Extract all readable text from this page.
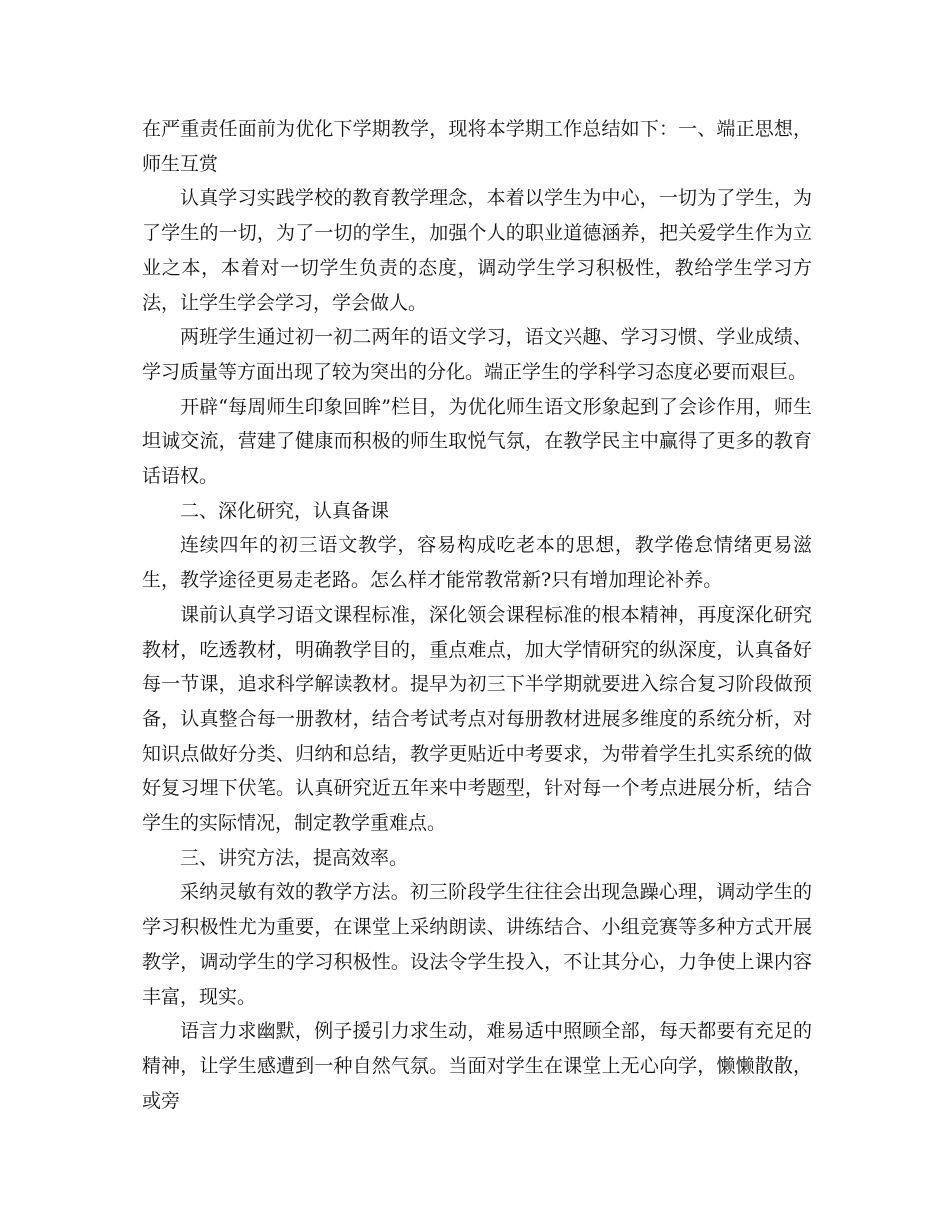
在严重责任面前为优化下学期教学，现将本学期工作总结如下：一、端正思想，师生互赏

认真学习实践学校的教育教学理念，本着以学生为中心，一切为了学生，为了学生的一切，为了一切的学生，加强个人的职业道德涵养，把关爱学生作为立业之本，本着对一切学生负责的态度，调动学生学习积极性，教给学生学习方法，让学生学会学习，学会做人。

两班学生通过初一初二两年的语文学习，语文兴趣、学习习惯、学业成绩、学习质量等方面出现了较为突出的分化。端正学生的学科学习态度必要而艰巨。

开辟“每周师生印象回眸”栏目，为优化师生语文形象起到了会诊作用，师生坦诚交流，营建了健康而积极的师生取悦气氛，在教学民主中赢得了更多的教育话语权。

二、深化研究，认真备课

连续四年的初三语文教学，容易构成吃老本的思想，教学倦怠情绪更易滋生，教学途径更易走老路。怎么样才能常教常新?只有增加理论补养。

课前认真学习语文课程标准，深化领会课程标准的根本精神，再度深化研究教材，吃透教材，明确教学目的，重点难点，加大学情研究的纵深度，认真备好每一节课，追求科学解读教材。提早为初三下半学期就要进入综合复习阶段做预备，认真整合每一册教材，结合考试考点对每册教材进展多维度的系统分析，对知识点做好分类、归纳和总结，教学更贴近中考要求，为带着学生扎实系统的做好复习埋下伏笔。认真研究近五年来中考题型，针对每一个考点进展分析，结合学生的实际情况，制定教学重难点。

三、讲究方法，提高效率。

采纳灵敏有效的教学方法。初三阶段学生往往会出现急躁心理，调动学生的学习积极性尤为重要，在课堂上采纳朗读、讲练结合、小组竞赛等多种方式开展教学，调动学生的学习积极性。设法令学生投入，不让其分心，力争使上课内容丰富，现实。

语言力求幽默，例子援引力求生动，难易适中照顾全部，每天都要有充足的精神，让学生感遭到一种自然气氛。当面对学生在课堂上无心向学，懒懒散散，或旁
